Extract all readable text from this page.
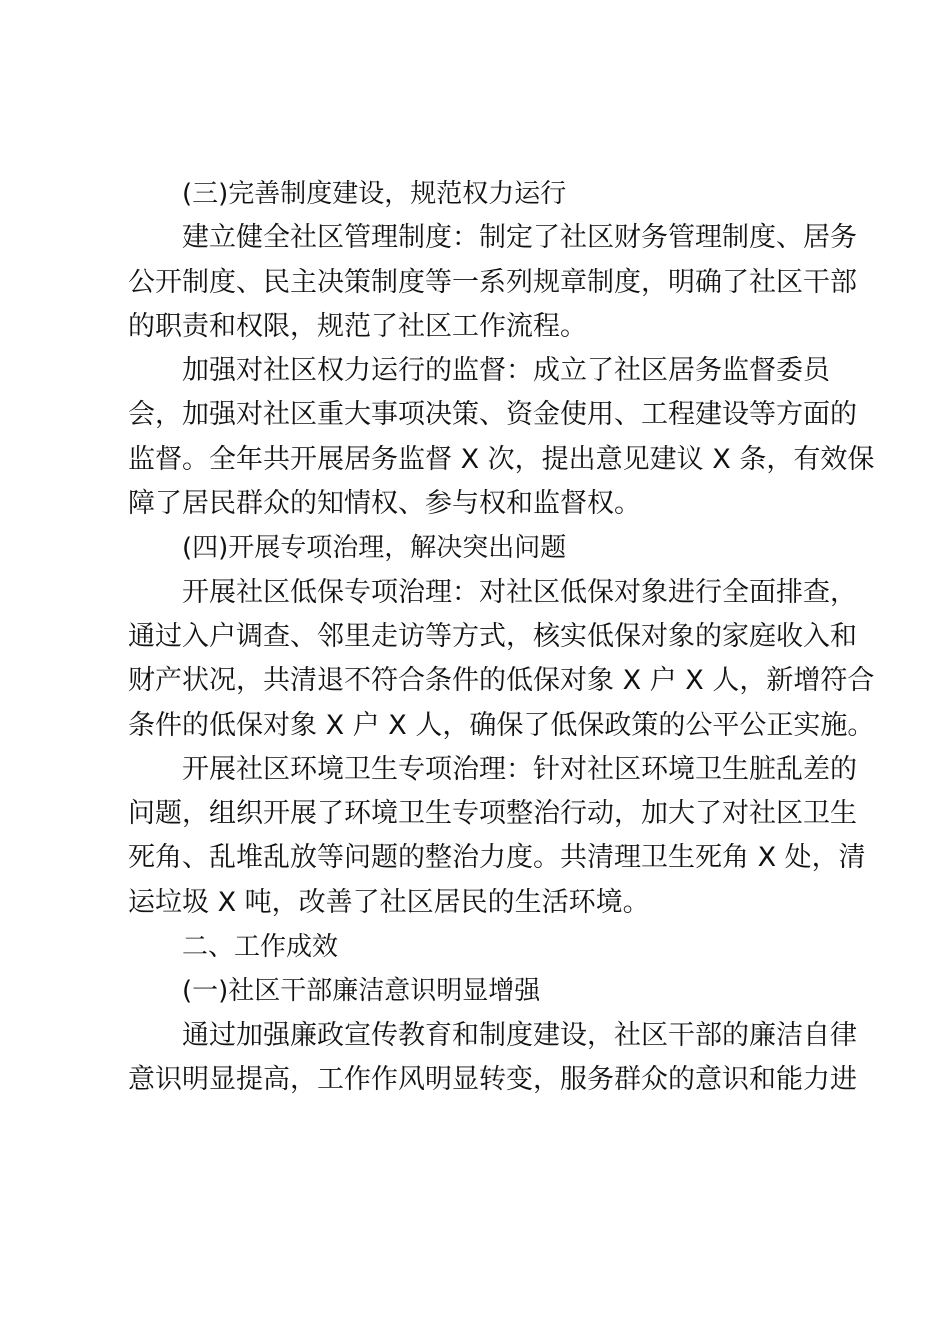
(三)完善制度建设，规范权力运行
建立健全社区管理制度：制定了社区财务管理制度、居务
公开制度、民主决策制度等一系列规章制度，明确了社区干部
的职责和权限，规范了社区工作流程。
加强对社区权力运行的监督：成立了社区居务监督委员
会，加强对社区重大事项决策、资金使用、工程建设等方面的
监督。全年共开展居务监督 X 次，提出意见建议 X 条，有效保
障了居民群众的知情权、参与权和监督权。
(四)开展专项治理，解决突出问题
开展社区低保专项治理：对社区低保对象进行全面排查，
通过入户调查、邻里走访等方式，核实低保对象的家庭收入和
财产状况，共清退不符合条件的低保对象 X 户 X 人，新增符合
条件的低保对象 X 户 X 人，确保了低保政策的公平公正实施。
开展社区环境卫生专项治理：针对社区环境卫生脏乱差的
问题，组织开展了环境卫生专项整治行动，加大了对社区卫生
死角、乱堆乱放等问题的整治力度。共清理卫生死角 X 处，清
运垃圾 X 吨，改善了社区居民的生活环境。
二、工作成效
(一)社区干部廉洁意识明显增强
通过加强廉政宣传教育和制度建设，社区干部的廉洁自律
意识明显提高，工作作风明显转变，服务群众的意识和能力进
